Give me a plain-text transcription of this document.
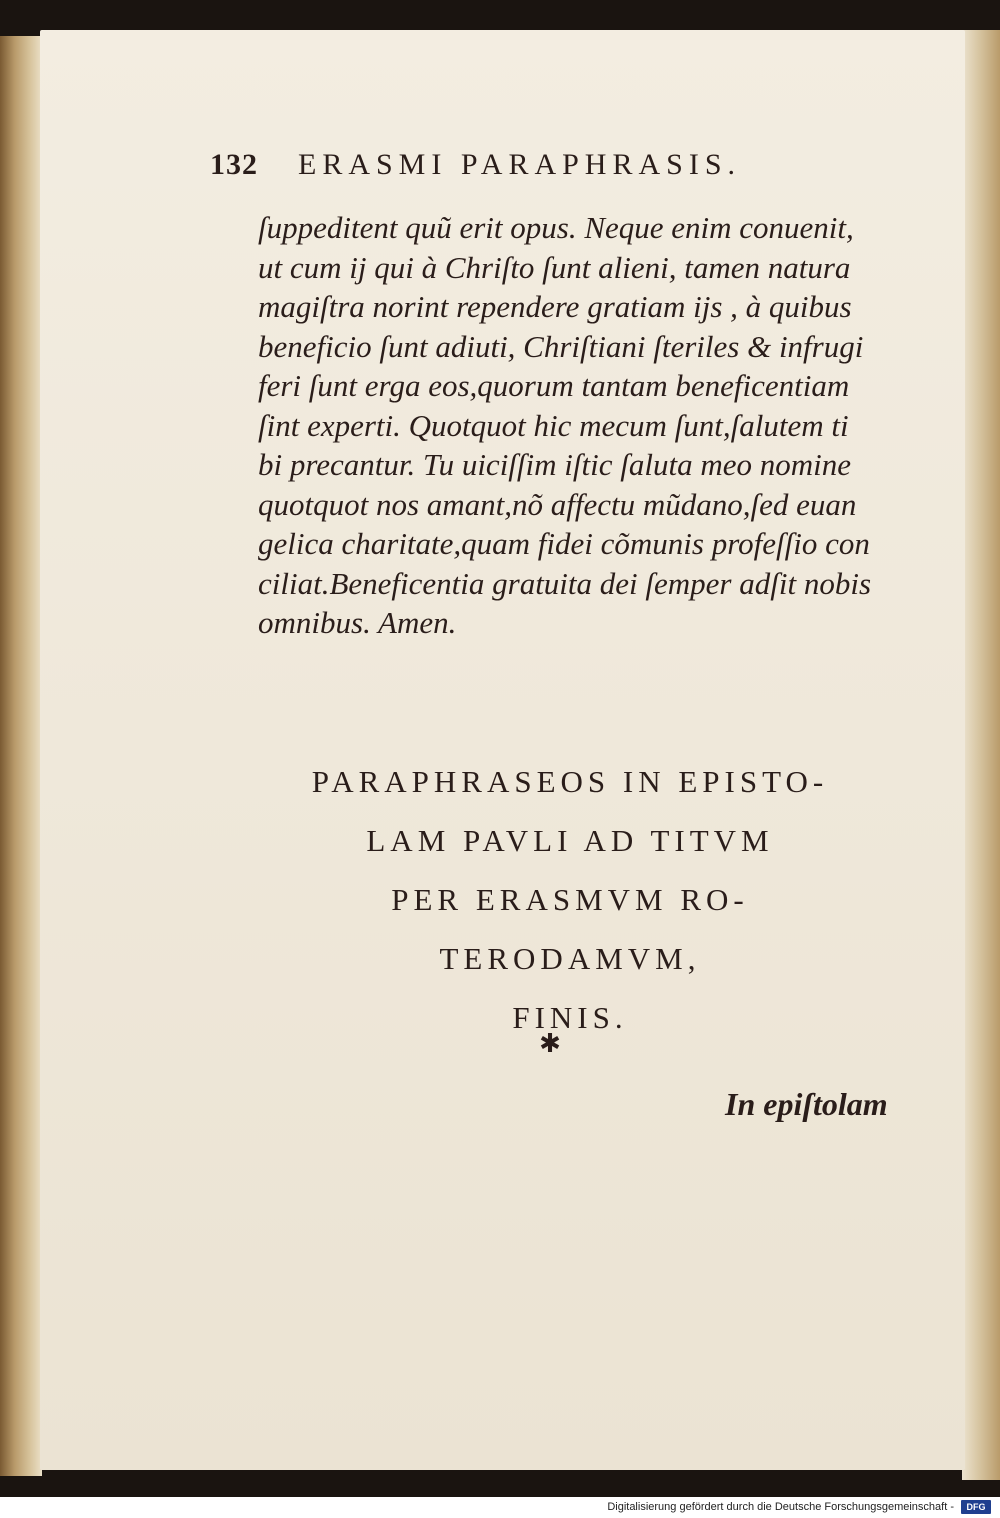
132 ERASMI PARAPHRASIS.
ſuppeditent quũ erit opus. Neque enim conuenit,
ut cum ij qui à Chriſto ſunt alieni, tamen natura
magiſtra norint rependere gratiam ijs , à quibus
beneficio ſunt adiuti, Chriſtiani ſteriles & infrugi
feri ſunt erga eos,quorum tantam beneficentiam
ſint experti. Quotquot hic mecum ſunt,ſalutem ti
bi precantur. Tu uiciſſim iſtic ſaluta meo nomine
quotquot nos amant,nõ affectu mũdano,ſed euan
gelica charitate,quam fidei cõmunis profeſſio con
ciliat.Beneficentia gratuita dei ſemper adſit nobis
omnibus. Amen.
PARAPHRASEOS IN EPISTO-
LAM PAVLI AD TITVM
PER ERASMVM RO-
TERODAMVM,
FINIS.
✱
In epiſtolam
Digitalisierung gefördert durch die Deutsche Forschungsgemeinschaft -	DFG
